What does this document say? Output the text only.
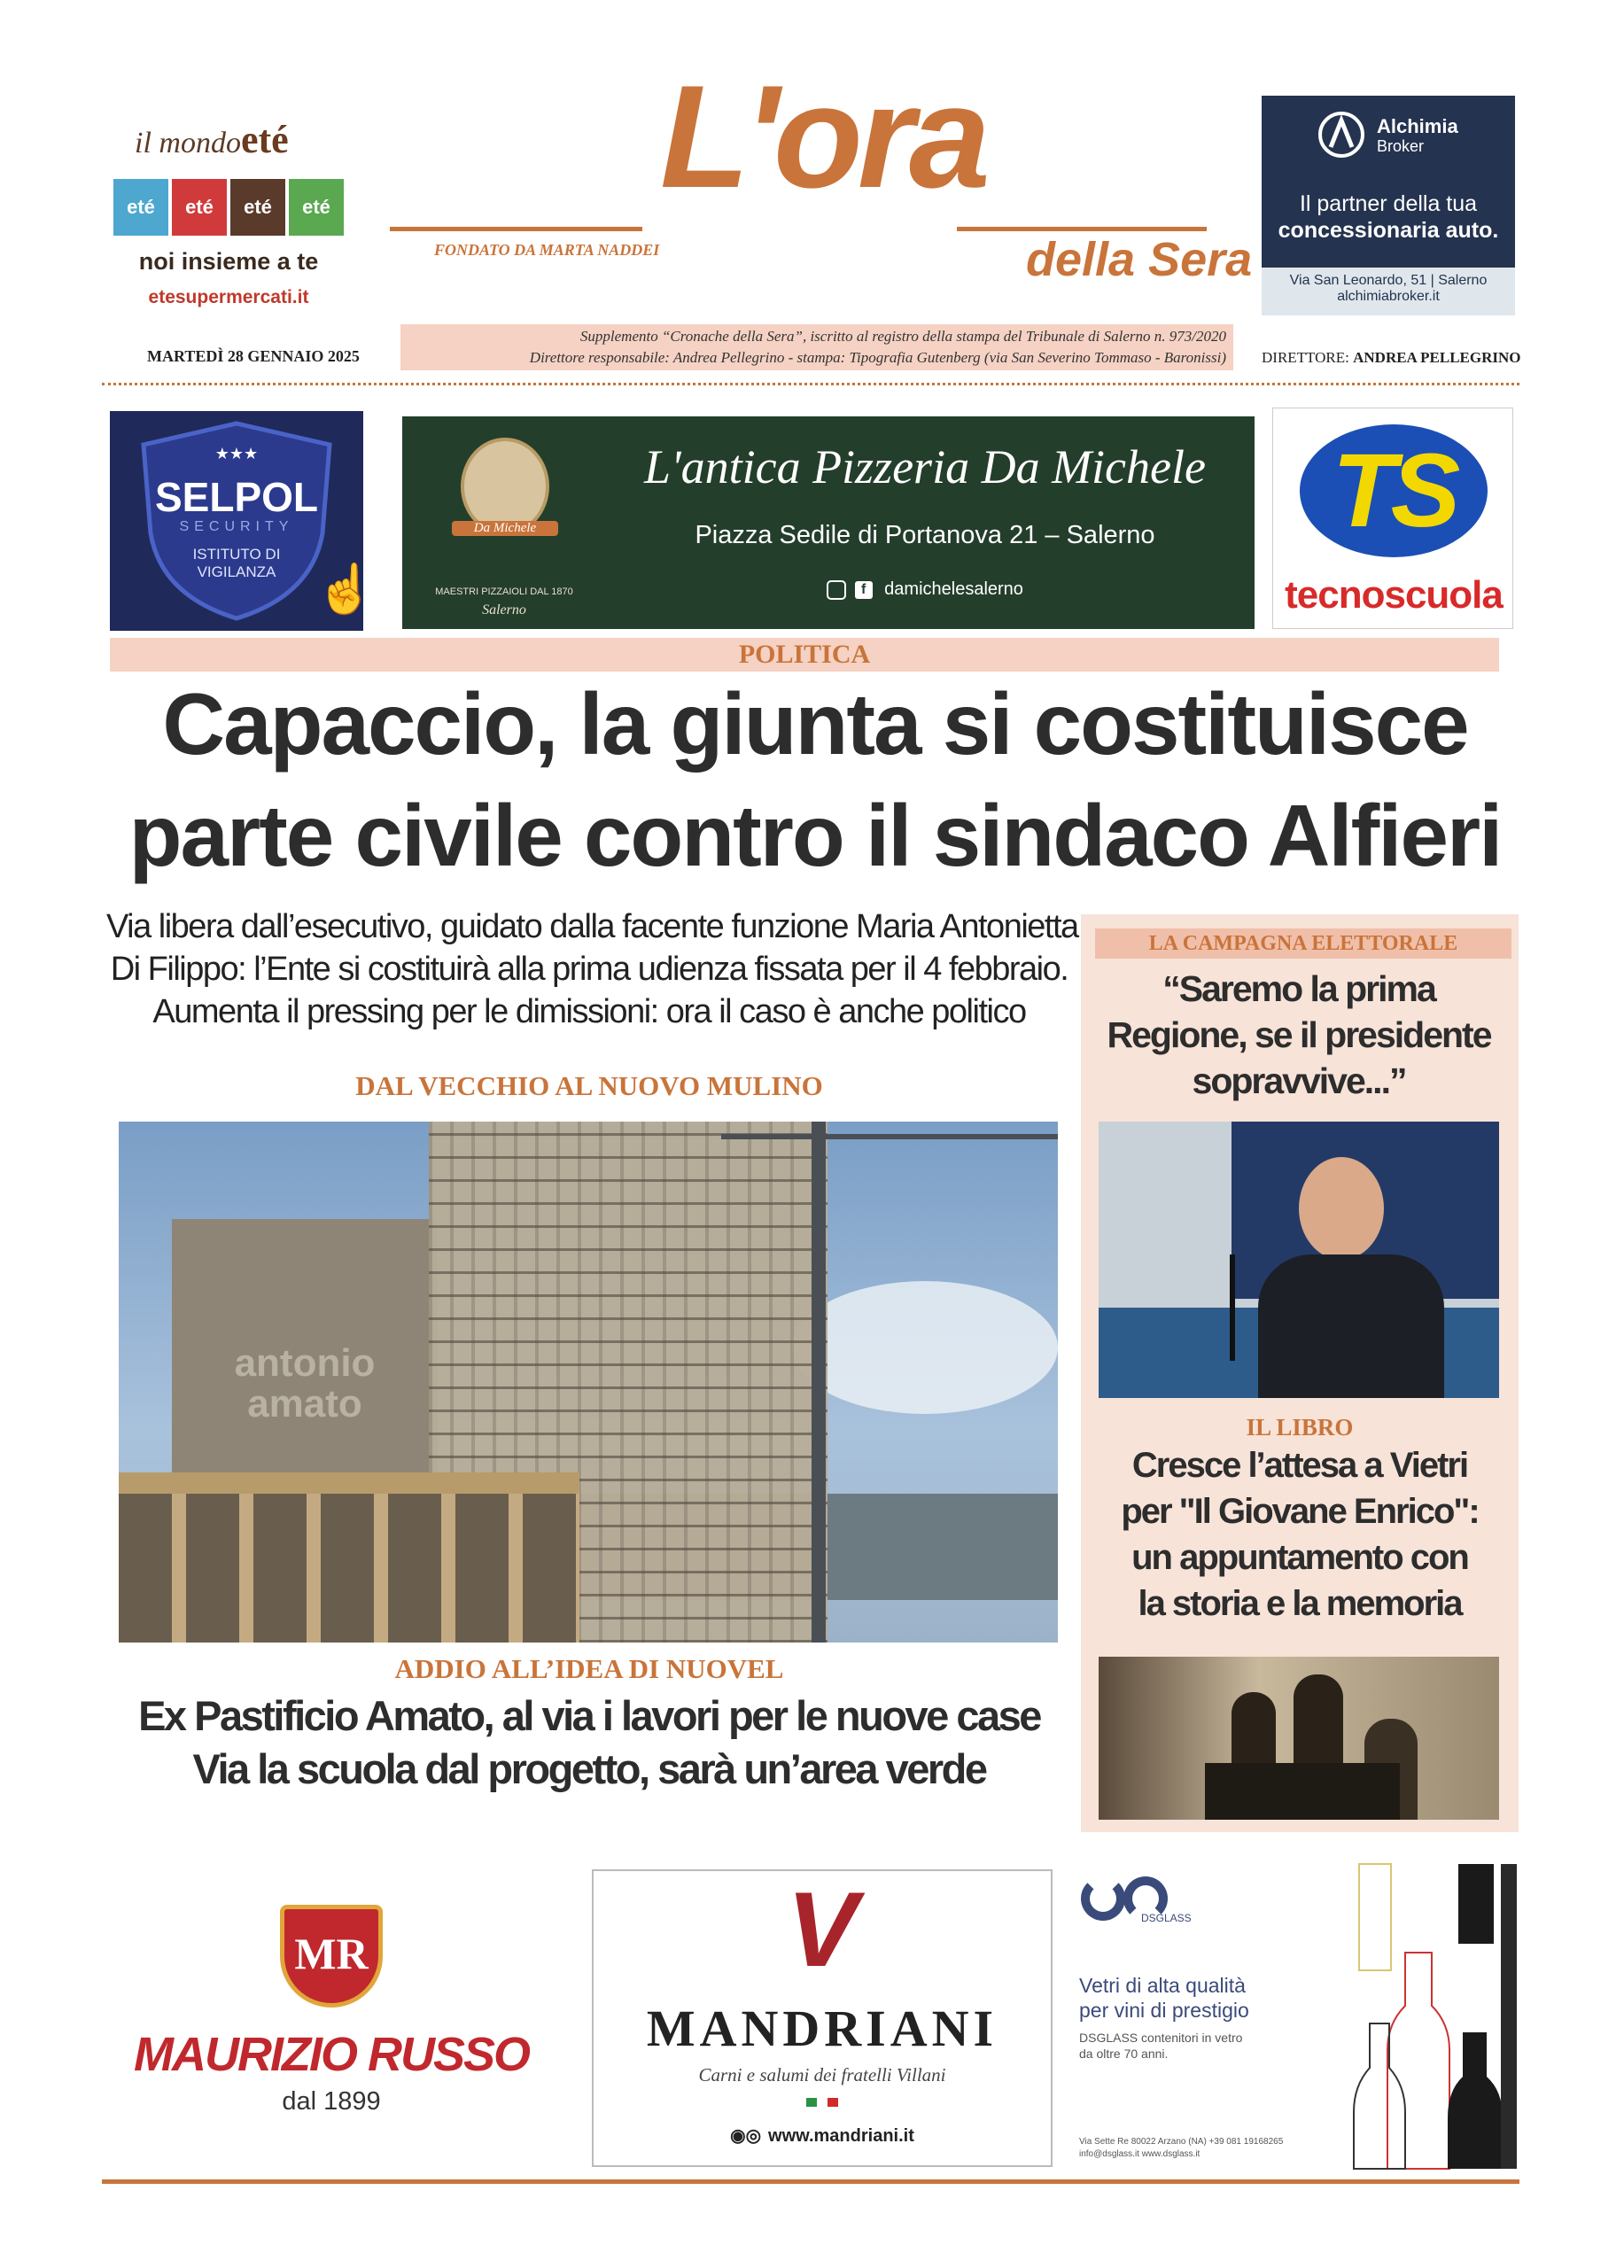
il mondoeté
eté	eté	eté	eté
noi insieme a te
etesupermercati.it
L'ora
della Sera
FONDATO DA MARTA NADDEI
Alchimia
Broker
Il partner della tua
concessionaria auto.
Via San Leonardo, 51 | Salerno
alchimiabroker.it
MARTEDÌ 28 GENNAIO 2025
Supplemento “Cronache della Sera”, iscritto al registro della stampa del Tribunale di Salerno n. 973/2020
Direttore responsabile: Andrea Pellegrino - stampa: Tipografia Gutenberg (via San Severino Tommaso - Baronissi) DIRETTORE: ANDREA PELLEGRINO
★★★
SELPOL
SECURITY
ISTITUTO DI
VIGILANZA ☝
Da Michele
MAESTRI PIZZAIOLI DAL 1870
Salerno
L'antica Pizzeria Da Michele
Piazza Sedile di Portanova 21 – Salerno
f damichelesalerno
TS
tecnoscuola
POLITICA
Capaccio, la giunta si costituisce
parte civile contro il sindaco Alfieri
Via libera dall’esecutivo, guidato dalla facente funzione Maria Antonietta
Di Filippo: l’Ente si costituirà alla prima udienza fissata per il 4 febbraio.
Aumenta il pressing per le dimissioni: ora il caso è anche politico
DAL VECCHIO AL NUOVO MULINO
antonio
amato
ADDIO ALL’IDEA DI NUOVEL
Ex Pastificio Amato, al via i lavori per le nuove case
Via la scuola dal progetto, sarà un’area verde
LA CAMPAGNA ELETTORALE
“Saremo la prima
Regione, se il presidente
sopravvive...”
IL LIBRO
Cresce l’attesa a Vietri
per "Il Giovane Enrico":
un appuntamento con
la storia e la memoria
MR
MAURIZIO RUSSO
dal 1899
V
MANDRIANI
Carni e salumi dei fratelli Villani
◉◎ www.mandriani.it
DSGLASS
Vetri di alta qualità
per vini di prestigio
DSGLASS contenitori in vetro
da oltre 70 anni.
Via Sette Re 80022 Arzano (NA) +39 081 19168265
info@dsglass.it www.dsglass.it
